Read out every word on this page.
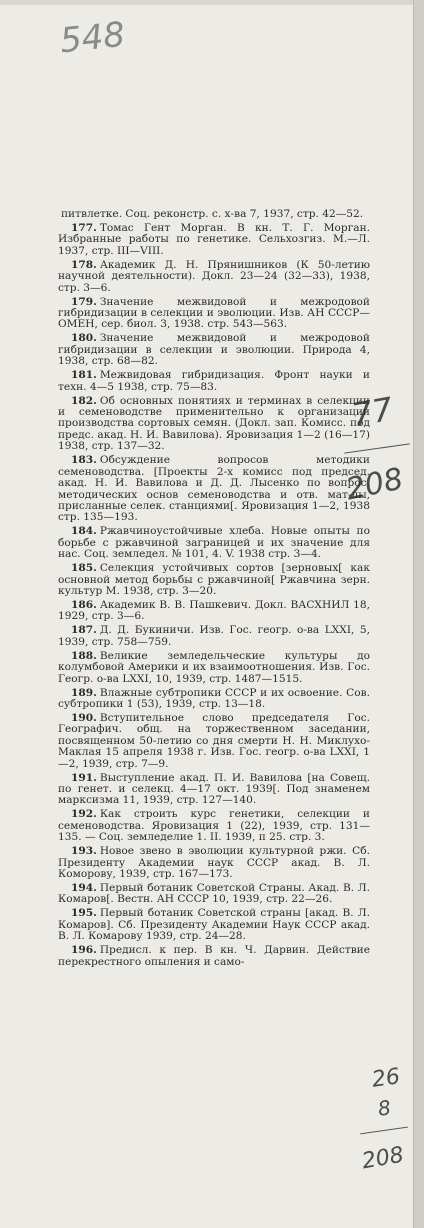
548
77
208
26
8
208

питвлетке. Соц. реконстр. с. х-ва 7, 1937, стр. 42—52.

177. Томас Гент Морган. В кн. Т. Г. Морган. Избранные работы по генетике. Сельхозгиз. М.—Л. 1937, стр. III—VIII.

178. Академик Д. Н. Прянишников (К 50-летию научной деятельности). Докл. 23—24 (32—33), 1938, стр. 3—6.

179. Значение межвидовой и межродовой гибридизации в селекции и эволюции. Изв. АН СССР—ОМЕН, сер. биол. 3, 1938. стр. 543—563.

180. Значение межвидовой и межродовой гибридизации в селекции и эволюции. Природа 4, 1938, стр. 68—82.

181. Межвидовая гибридизация. Фронт науки и техн. 4—5 1938, стр. 75—83.

182. Об основных понятиях и терминах в селекции и семеноводстве применительно к организации производства сортовых семян. (Докл. зап. Комисс. под предс. акад. Н. И. Вавилова). Яровизация 1—2 (16—17) 1938, стр. 137—32.

183. Обсуждение вопросов методики семеноводства. [Проекты 2-х комисс под председ. акад. Н. И. Вавилова и Д. Д. Лысенко по вопрос. методических основ семеноводства и отв. мат-лы, присланные селек. станциями[. Яровизация 1—2, 1938 стр. 135—193.

184. Ржавчиноустойчивые хлеба. Новые опыты по борьбе с ржавчиной заграницей и их значение для нас. Соц. земледел. № 101, 4. V. 1938 стр. 3—4.

185. Селекция устойчивых сортов [зерновых[ как основной метод борьбы с ржавчиной[ Ржавчина зерн. культур М. 1938, стр. 3—20.

186. Академик В. В. Пашкевич. Докл. ВАСХНИЛ 18, 1929, стр. 3—6.

187. Д. Д. Букиничи. Изв. Гос. геогр. о-ва LXXI, 5, 1939, стр. 758—759.

188. Великие земледельческие культуры до колумбовой Америки и их взаимоотношения. Изв. Гос. Геогр. о-ва LXXI, 10, 1939, стр. 1487—1515.

189. Влажные субтропики СССР и их освоение. Сов. субтропики 1 (53), 1939, стр. 13—18.

190. Вступительное слово председателя Гос. Географич. общ. на торжественном заседании, посвященном 50-летию со дня смерти Н. Н. Миклухо-Маклая 15 апреля 1938 г. Изв. Гос. геогр. о-ва LXXI, 1—2, 1939, стр. 7—9.

191. Выступление акад. П. И. Вавилова [на Совещ. по генет. и селекц. 4—17 окт. 1939[. Под знаменем марксизма 11, 1939, стр. 127—140.

192. Как строить курс генетики, селекции и семеноводства. Яровизация 1 (22), 1939, стр. 131—135. — Соц. земледелие 1. II. 1939, п 25. стр. 3.

193. Новое звено в эволюции культурной ржи. Сб. Президенту Академии наук СССР акад. В. Л. Коморову, 1939, стр. 167—173.

194. Первый ботаник Советской Страны. Акад. В. Л. Комаров[. Вестн. АН СССР 10, 1939, стр. 22—26.

195. Первый ботаник Советской страны [акад. В. Л. Комаров]. Сб. Президенту Академии Наук СССР акад. В. Л. Комарову 1939, стр. 24—28.

196. Предисл. к пер. В кн. Ч. Дарвин. Действие перекрестного опыления и само-
